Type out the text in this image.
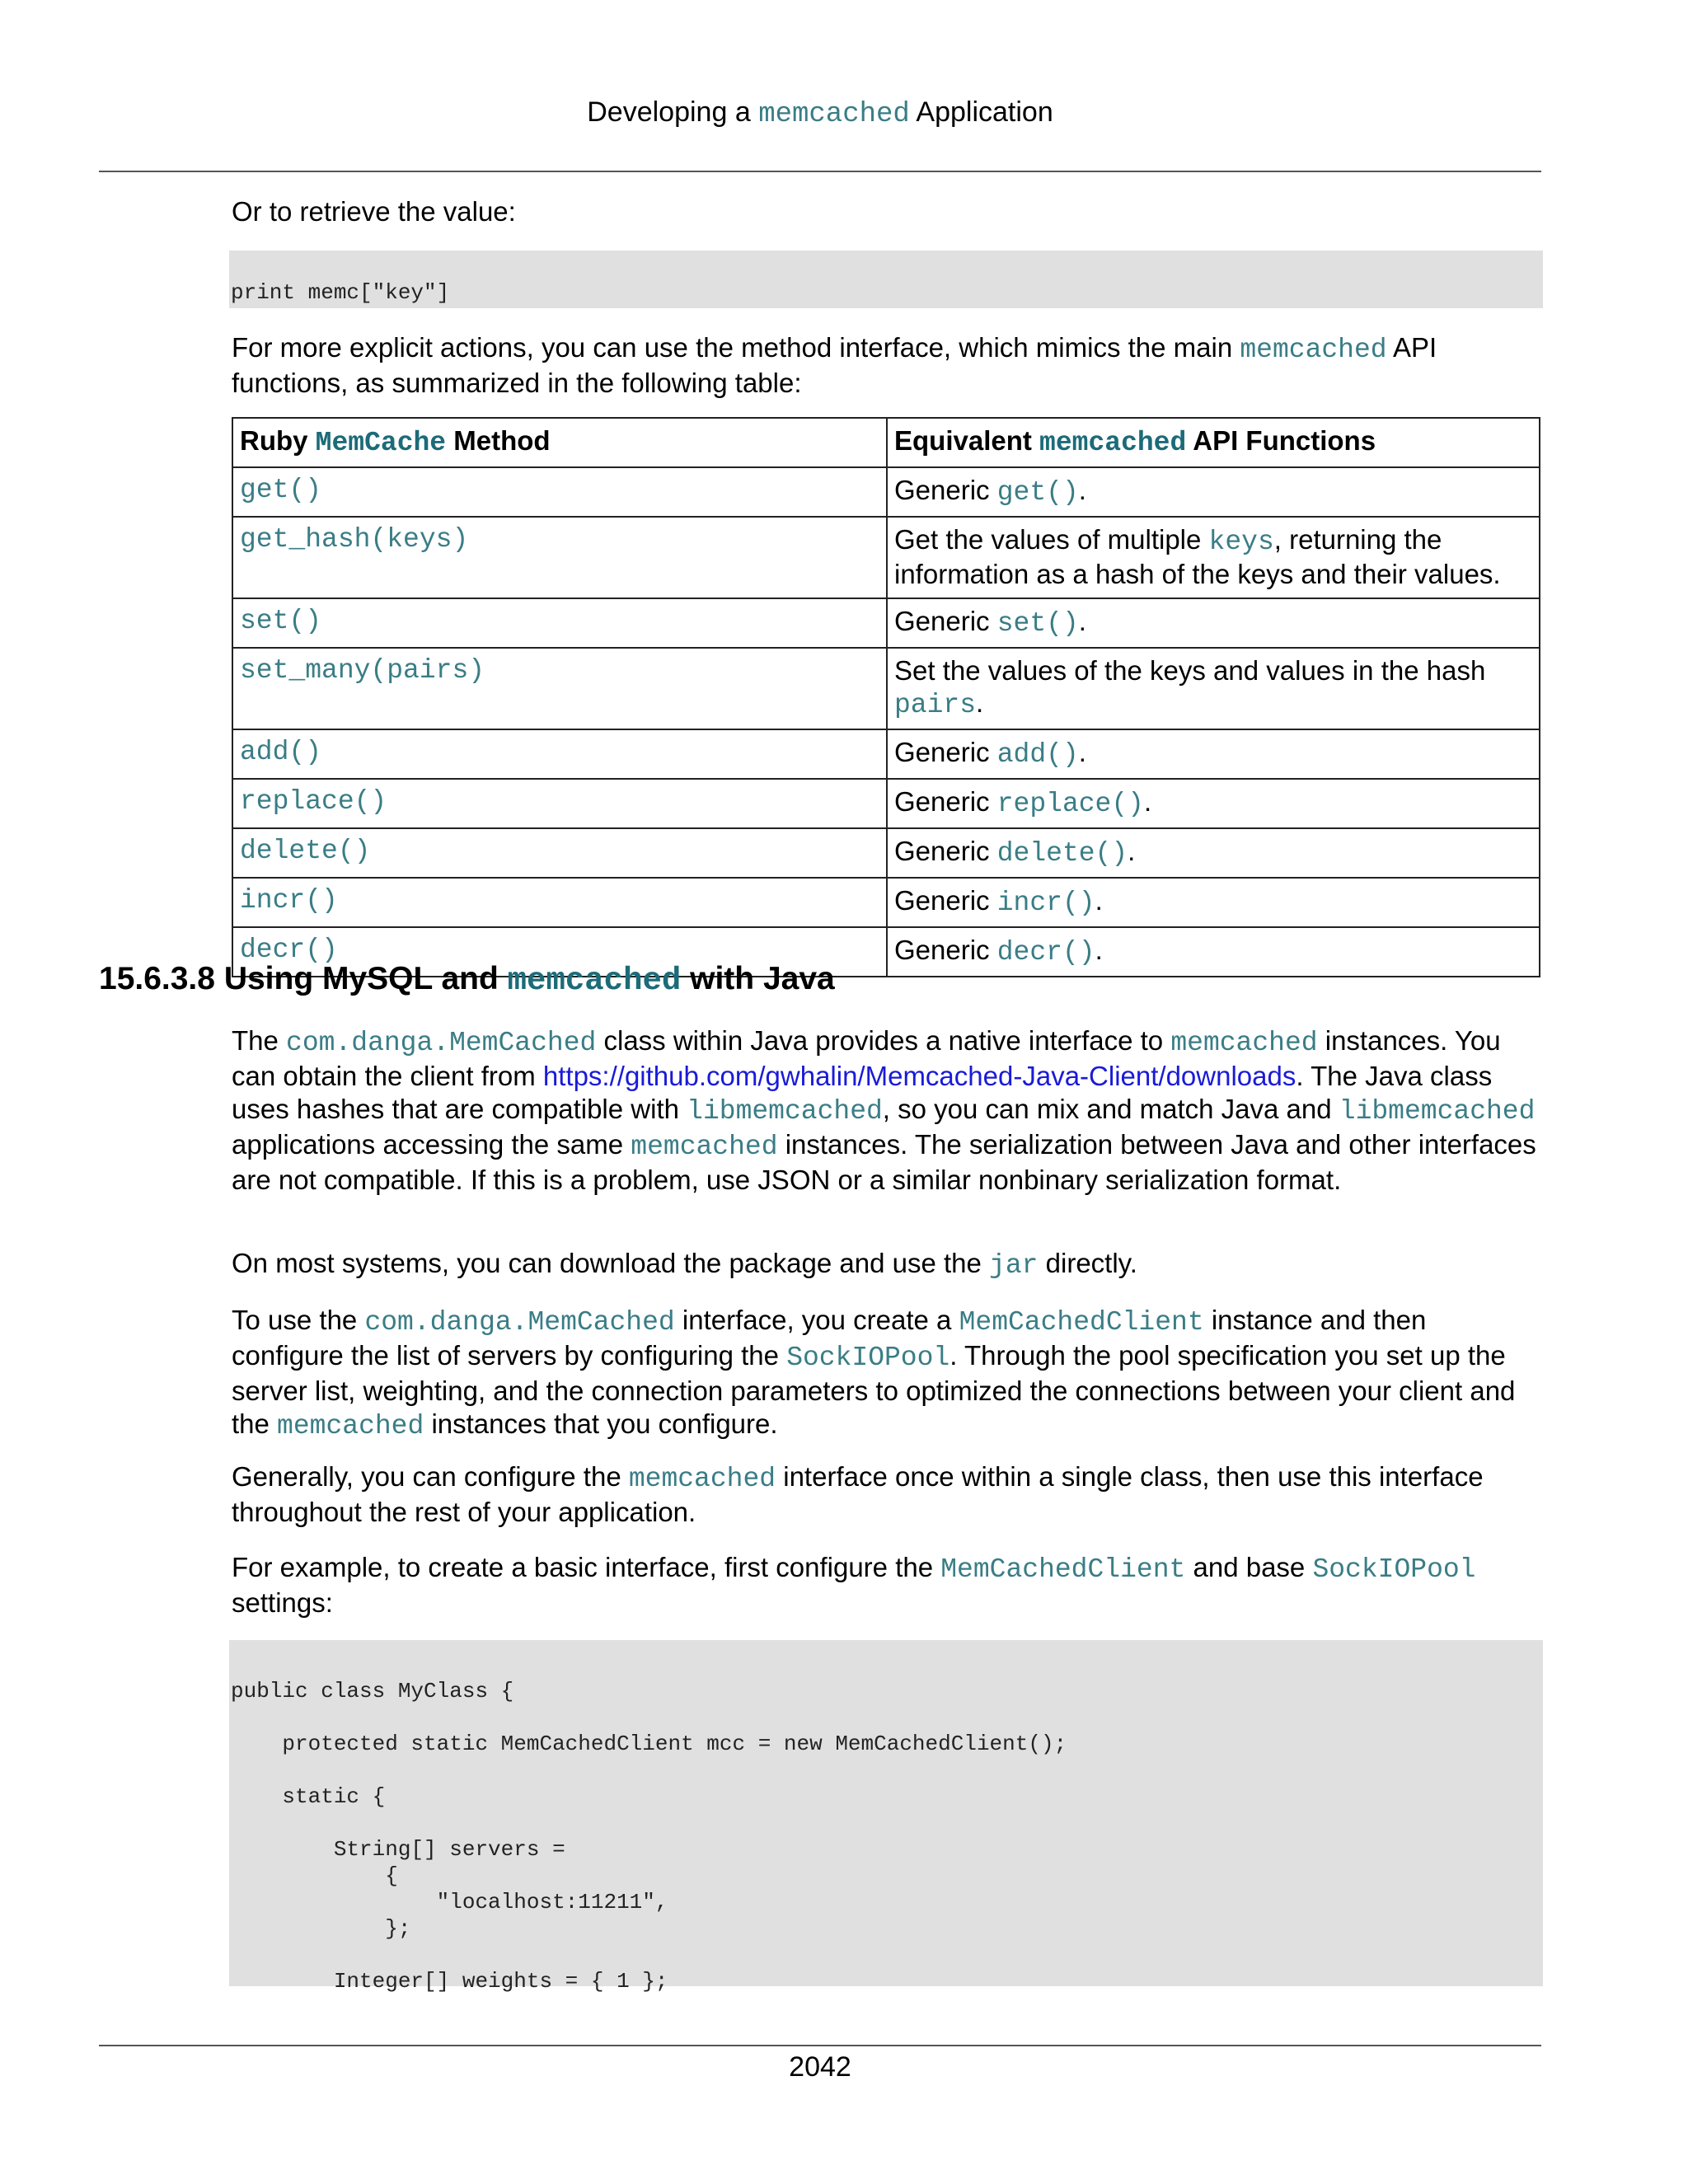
Developing a memcached Application

Or to retrieve the value:

print memc["key"]

For more explicit actions, you can use the method interface, which mimics the main memcached API functions, as summarized in the following table:

Ruby MemCache Method	Equivalent memcached API Functions
get()	Generic get().
get_hash(keys)	Get the values of multiple keys, returning the information as a hash of the keys and their values.
set()	Generic set().
set_many(pairs)	Set the values of the keys and values in the hash pairs.
add()	Generic add().
replace()	Generic replace().
delete()	Generic delete().
incr()	Generic incr().
decr()	Generic decr().
15.6.3.8 Using MySQL and memcached with Java

The com.danga.MemCached class within Java provides a native interface to memcached instances. You can obtain the client from https://github.com/gwhalin/Memcached-Java-Client/downloads. The Java class uses hashes that are compatible with libmemcached, so you can mix and match Java and libmemcached applications accessing the same memcached instances. The serialization between Java and other interfaces are not compatible. If this is a problem, use JSON or a similar nonbinary serialization format.

On most systems, you can download the package and use the jar directly.

To use the com.danga.MemCached interface, you create a MemCachedClient instance and then configure the list of servers by configuring the SockIOPool. Through the pool specification you set up the server list, weighting, and the connection parameters to optimized the connections between your client and the memcached instances that you configure.

Generally, you can configure the memcached interface once within a single class, then use this interface throughout the rest of your application.

For example, to create a basic interface, first configure the MemCachedClient and base SockIOPool settings:

public class MyClass {

protected static MemCachedClient mcc = new MemCachedClient();

static {

String[] servers =
{
"localhost:11211",
};

Integer[] weights = { 1 };
2042
